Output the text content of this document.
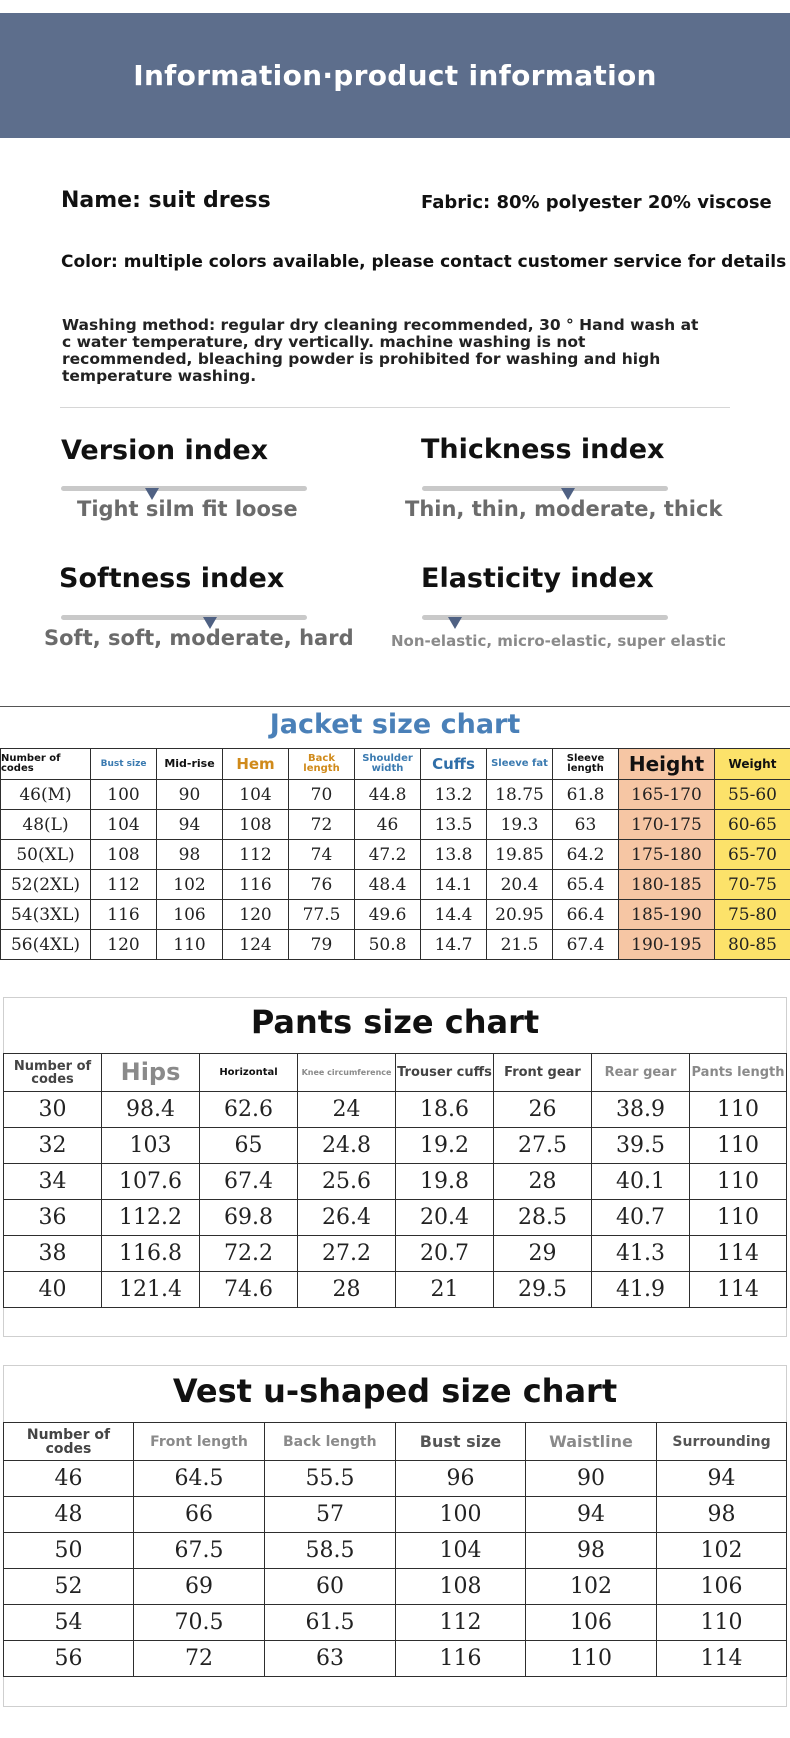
Information·product information
Name: suit dress	Fabric: 80% polyester 20% viscose
Color: multiple colors available, please contact customer service for details
Washing method: regular dry cleaning recommended, 30 ° Hand wash at c water temperature, dry vertically. machine washing is not recommended, bleaching powder is prohibited for washing and high temperature washing.
Version index
Tight silm fit loose
Thickness index
Thin, thin, moderate, thick
Softness index
Soft, soft, moderate, hard
Elasticity index
Non-elastic, micro-elastic, super elastic
Jacket size chart
Number of codes	Bust size	Mid-rise	Hem	Back length	Shoulder width	Cuffs	Sleeve fat	Sleeve length	Height	Weight
46(M)	100	90	104	70	44.8	13.2	18.75	61.8	165-170	55-60
48(L)	104	94	108	72	46	13.5	19.3	63	170-175	60-65
50(XL)	108	98	112	74	47.2	13.8	19.85	64.2	175-180	65-70
52(2XL)	112	102	116	76	48.4	14.1	20.4	65.4	180-185	70-75
54(3XL)	116	106	120	77.5	49.6	14.4	20.95	66.4	185-190	75-80
56(4XL)	120	110	124	79	50.8	14.7	21.5	67.4	190-195	80-85
Pants size chart
Number of codes	Hips	Horizontal	Knee circumference	Trouser cuffs	Front gear	Rear gear	Pants length
30	98.4	62.6	24	18.6	26	38.9	110
32	103	65	24.8	19.2	27.5	39.5	110
34	107.6	67.4	25.6	19.8	28	40.1	110
36	112.2	69.8	26.4	20.4	28.5	40.7	110
38	116.8	72.2	27.2	20.7	29	41.3	114
40	121.4	74.6	28	21	29.5	41.9	114
Vest u-shaped size chart
Number of codes	Front length	Back length	Bust size	Waistline	Surrounding
46	64.5	55.5	96	90	94
48	66	57	100	94	98
50	67.5	58.5	104	98	102
52	69	60	108	102	106
54	70.5	61.5	112	106	110
56	72	63	116	110	114
